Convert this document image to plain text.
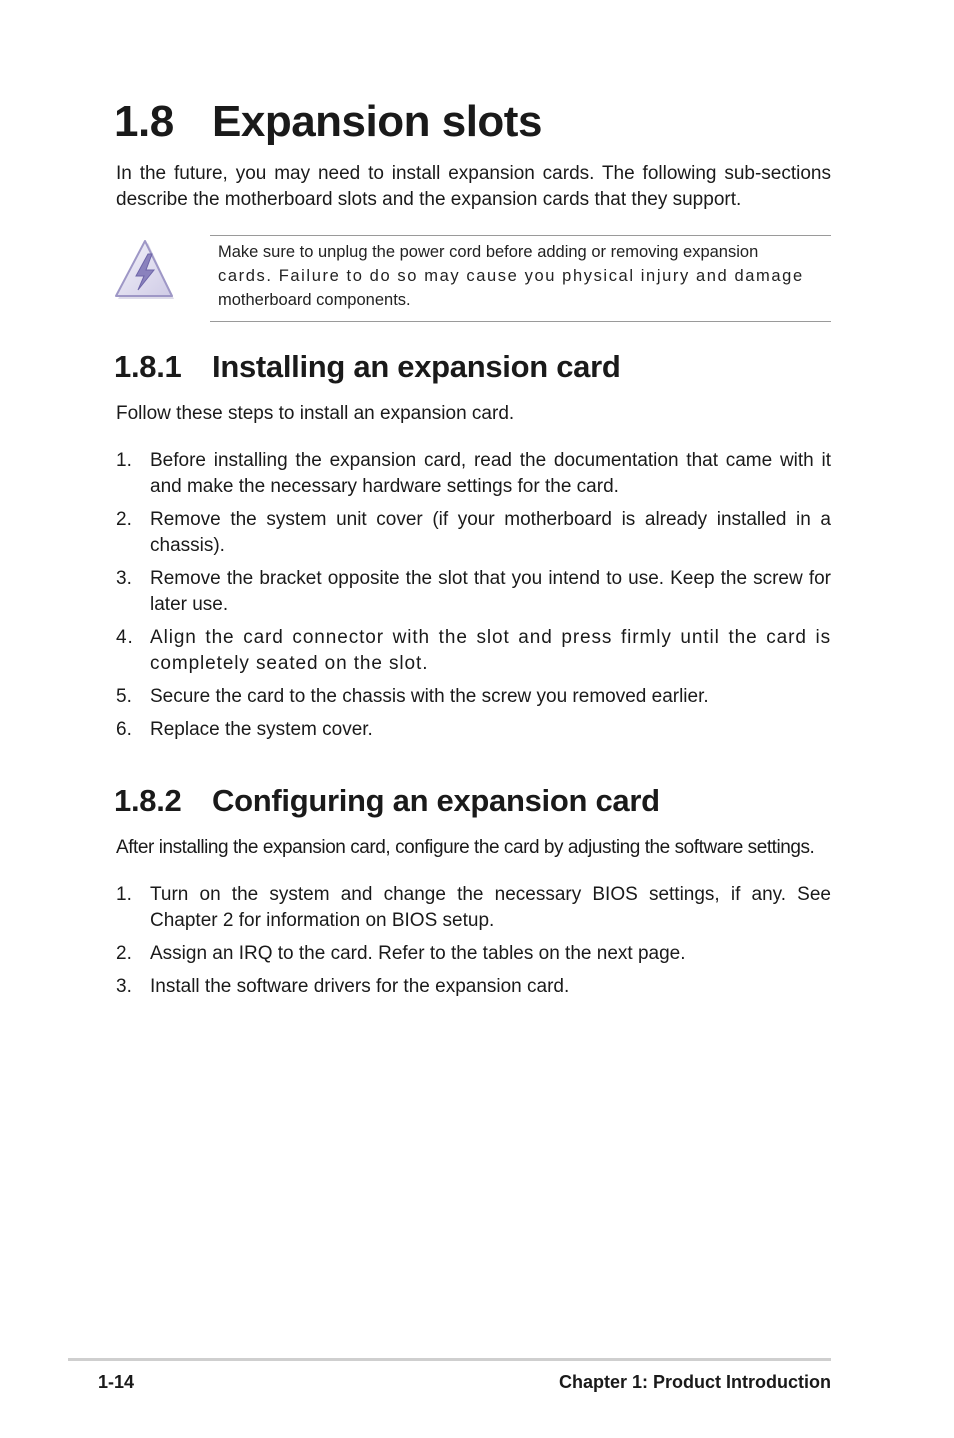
1.8 Expansion slots

In the future, you may need to install expansion cards. The following sub-sections describe the motherboard slots and the expansion cards that they support.

Make sure to unplug the power cord before adding or removing expansion
cards. Failure to do so may cause you physical injury and damage
motherboard components.
1.8.1 Installing an expansion card

Follow these steps to install an expansion card.

1. Before installing the expansion card, read the documentation that came with it and make the necessary hardware settings for the card.
2. Remove the system unit cover (if your motherboard is already installed in a chassis).
3. Remove the bracket opposite the slot that you intend to use. Keep the screw for later use.
4. Align the card connector with the slot and press firmly until the card is completely seated on the slot.
5. Secure the card to the chassis with the screw you removed earlier.
6. Replace the system cover.
1.8.2 Configuring an expansion card

After installing the expansion card, configure the card by adjusting the software settings.

1. Turn on the system and change the necessary BIOS settings, if any. See Chapter 2 for information on BIOS setup.
2. Assign an IRQ to the card. Refer to the tables on the next page.
3. Install the software drivers for the expansion card.
1-14	Chapter 1: Product Introduction
